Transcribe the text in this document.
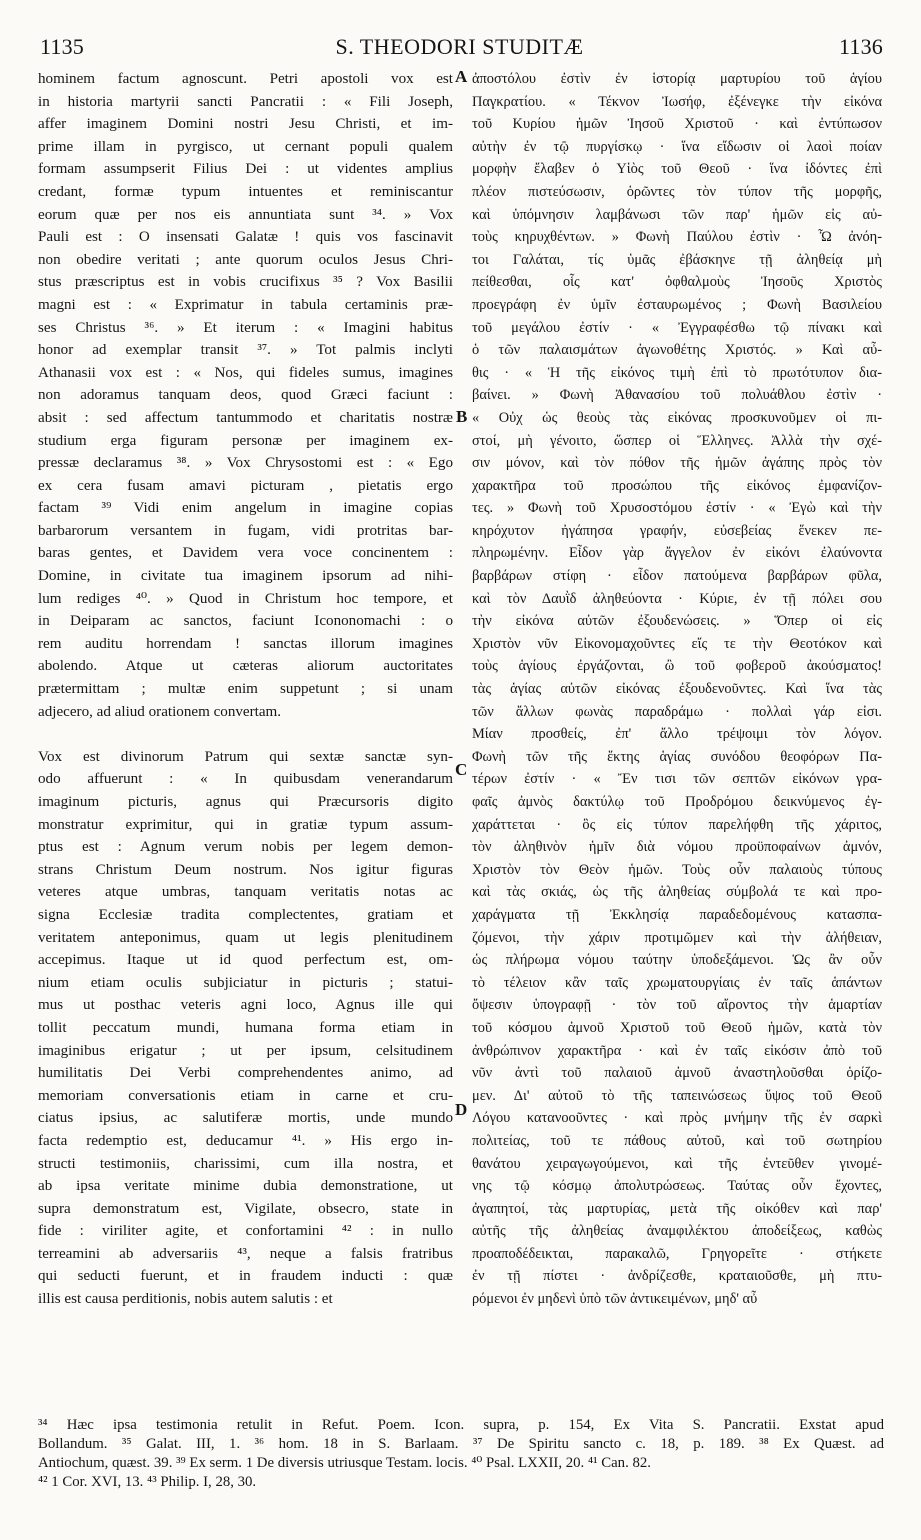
1135	S. THEODORI STUDITÆ	1136
hominem factum agnoscunt. Petri apostoli vox est
in historia martyrii sancti Pancratii : « Fili Joseph,
affer imaginem Domini nostri Jesu Christi, et im-
prime illam in pyrgisco, ut cernant populi qualem
formam assumpserit Filius Dei : ut videntes amplius
credant, formæ typum intuentes et reminiscantur
eorum quæ per nos eis annuntiata sunt ³⁴. » Vox
Pauli est : O insensati Galatæ ! quis vos fascinavit
non obedire veritati ; ante quorum oculos Jesus Chri-
stus præscriptus est in vobis crucifixus ³⁵ ? Vox Basilii
magni est : « Exprimatur in tabula certaminis præ-
ses Christus ³⁶. » Et iterum : « Imagini habitus
honor ad exemplar transit ³⁷. » Tot palmis inclyti
Athanasii vox est : « Nos, qui fideles sumus, imagines
non adoramus tanquam deos, quod Græci faciunt :
absit : sed affectum tantummodo et charitatis nostræ
studium erga figuram personæ per imaginem ex-
pressæ declaramus ³⁸. » Vox Chrysostomi est : « Ego
ex cera fusam amavi picturam , pietatis ergo
factam ³⁹ Vidi enim angelum in imagine copias
barbarorum versantem in fugam, vidi protritas bar-
baras gentes, et Davidem vera voce concinentem :
Domine, in civitate tua imaginem ipsorum ad nihi-
lum rediges ⁴⁰. » Quod in Christum hoc tempore, et
in Deiparam ac sanctos, faciunt Icononomachi : o
rem auditu horrendam ! sanctas illorum imagines
abolendo. Atque ut cæteras aliorum auctoritates
prætermittam ; multæ enim suppetunt ; si unam
adjecero, ad aliud orationem convertam.
Vox est divinorum Patrum qui sextæ sanctæ syn-
odo affuerunt : « In quibusdam venerandarum
imaginum picturis, agnus qui Præcursoris digito
monstratur exprimitur, qui in gratiæ typum assum-
ptus est : Agnum verum nobis per legem demon-
strans Christum Deum nostrum. Nos igitur figuras
veteres atque umbras, tanquam veritatis notas ac
signa Ecclesiæ tradita complectentes, gratiam et
veritatem anteponimus, quam ut legis plenitudinem
accepimus. Itaque ut id quod perfectum est, om-
nium etiam oculis subjiciatur in picturis ; statui-
mus ut posthac veteris agni loco, Agnus ille qui
tollit peccatum mundi, humana forma etiam in
imaginibus erigatur ; ut per ipsum, celsitudinem
humilitatis Dei Verbi comprehendentes animo, ad
memoriam conversationis etiam in carne et cru-
ciatus ipsius, ac salutiferæ mortis, unde mundo
facta redemptio est, deducamur ⁴¹. » His ergo in-
structi testimoniis, charissimi, cum illa nostra, et
ab ipsa veritate minime dubia demonstratione, ut
supra demonstratum est, Vigilate, obsecro, state in
fide : viriliter agite, et confortamini ⁴² : in nullo
terreamini ab adversariis ⁴³, neque a falsis fratribus
qui seducti fuerunt, et in fraudem inducti : quæ
illis est causa perditionis, nobis autem salutis : et
ἀποστόλου ἐστὶν ἐν ἱστορίᾳ μαρτυρίου τοῦ ἁγίου
Παγκρατίου. « Τέκνον Ἰωσήφ, ἐξένεγκε τὴν εἰκόνα
τοῦ Κυρίου ἡμῶν Ἰησοῦ Χριστοῦ · καὶ ἐντύπωσον
αὐτὴν ἐν τῷ πυργίσκῳ · ἵνα εἴδωσιν οἱ λαοὶ ποίαν
μορφὴν ἔλαβεν ὁ Υἱὸς τοῦ Θεοῦ · ἵνα ἰδόντες ἐπὶ
πλέον πιστεύσωσιν, ὁρῶντες τὸν τύπον τῆς μορφῆς,
καὶ ὑπόμνησιν λαμβάνωσι τῶν παρ' ἡμῶν εἰς αὐ-
τοὺς κηρυχθέντων. » Φωνὴ Παύλου ἐστὶν · Ὦ ἀνόη-
τοι Γαλάται, τίς ὑμᾶς ἐβάσκηνε τῇ ἀληθείᾳ μὴ
πείθεσθαι, οἷς κατ' ὀφθαλμοὺς Ἰησοῦς Χριστὸς
προεγράφη ἐν ὑμῖν ἐσταυρωμένος ; Φωνὴ Βασιλείου
τοῦ μεγάλου ἐστίν · « Ἐγγραφέσθω τῷ πίνακι καὶ
ὁ τῶν παλαισμάτων ἀγωνοθέτης Χριστός. » Καὶ αὖ-
θις · « Ἡ τῆς εἰκόνος τιμὴ ἐπὶ τὸ πρωτότυπον δια-
βαίνει. » Φωνὴ Ἀθανασίου τοῦ πολυάθλου ἐστὶν ·
« Οὐχ ὡς θεοὺς τὰς εἰκόνας προσκυνοῦμεν οἱ πι-
στοί, μὴ γένοιτο, ὥσπερ οἱ Ἕλληνες. Ἀλλὰ τὴν σχέ-
σιν μόνον, καὶ τὸν πόθον τῆς ἡμῶν ἀγάπης πρὸς τὸν
χαρακτῆρα τοῦ προσώπου τῆς εἰκόνος ἐμφανίζον-
τες. » Φωνὴ τοῦ Χρυσοστόμου ἐστίν · « Ἐγὼ καὶ τὴν
κηρόχυτον ἠγάπησα γραφήν, εὐσεβείας ἕνεκεν πε-
πληρωμένην. Εἶδον γὰρ ἄγγελον ἐν εἰκόνι ἐλαύνοντα
βαρβάρων στίφη · εἶδον πατούμενα βαρβάρων φῦλα,
καὶ τὸν Δαυῒδ ἀληθεύοντα · Κύριε, ἐν τῇ πόλει σου
τὴν εἰκόνα αὐτῶν ἐξουδενώσεις. » Ὅπερ οἱ εἰς
Χριστὸν νῦν Εἰκονομαχοῦντες εἴς τε τὴν Θεοτόκον καὶ
τοὺς ἁγίους ἐργάζονται, ὢ τοῦ φοβεροῦ ἀκούσματος!
τὰς ἁγίας αὐτῶν εἰκόνας ἐξουδενοῦντες. Καὶ ἵνα τὰς
τῶν ἄλλων φωνὰς παραδράμω · πολλαὶ γάρ εἰσι.
Μίαν προσθείς, ἐπ' ἄλλο τρέψοιμι τὸν λόγον.
Φωνὴ τῶν τῆς ἕκτης ἁγίας συνόδου θεοφόρων Πα-
τέρων ἐστίν · « Ἔν τισι τῶν σεπτῶν εἰκόνων γρα-
φαῖς ἀμνὸς δακτύλῳ τοῦ Προδρόμου δεικνύμενος ἐγ-
χαράττεται · ὃς εἰς τύπον παρελήφθη τῆς χάριτος,
τὸν ἀληθινὸν ἡμῖν διὰ νόμου προϋποφαίνων ἀμνόν,
Χριστὸν τὸν Θεὸν ἡμῶν. Τοὺς οὖν παλαιοὺς τύπους
καὶ τὰς σκιάς, ὡς τῆς ἀληθείας σύμβολά τε καὶ προ-
χαράγματα τῇ Ἐκκλησίᾳ παραδεδομένους κατασπα-
ζόμενοι, τὴν χάριν προτιμῶμεν καὶ τὴν ἀλήθειαν,
ὡς πλήρωμα νόμου ταύτην ὑποδεξάμενοι. Ὡς ἂν οὖν
τὸ τέλειον κἂν ταῖς χρωματουργίαις ἐν ταῖς ἁπάντων
ὄψεσιν ὑπογραφῇ · τὸν τοῦ αἴροντος τὴν ἁμαρτίαν
τοῦ κόσμου ἀμνοῦ Χριστοῦ τοῦ Θεοῦ ἡμῶν, κατὰ τὸν
ἀνθρώπινον χαρακτῆρα · καὶ ἐν ταῖς εἰκόσιν ἀπὸ τοῦ
νῦν ἀντὶ τοῦ παλαιοῦ ἀμνοῦ ἀναστηλοῦσθαι ὁρίζο-
μεν. Δι' αὐτοῦ τὸ τῆς ταπεινώσεως ὕψος τοῦ Θεοῦ
Λόγου κατανοοῦντες · καὶ πρὸς μνήμην τῆς ἐν σαρκὶ
πολιτείας, τοῦ τε πάθους αὐτοῦ, καὶ τοῦ σωτηρίου
θανάτου χειραγωγούμενοι, καὶ τῆς ἐντεῦθεν γινομέ-
νης τῷ κόσμῳ ἀπολυτρώσεως. Ταύτας οὖν ἔχοντες,
ἀγαπητοί, τὰς μαρτυρίας, μετὰ τῆς οἰκόθεν καὶ παρ'
αὐτῆς τῆς ἀληθείας ἀναμφιλέκτου ἀποδείξεως, καθὼς
προαποδέδεικται, παρακαλῶ, Γρηγορεῖτε · στήκετε
ἐν τῇ πίστει · ἀνδρίζεσθε, κραταιοῦσθε, μὴ πτυ-
ρόμενοι ἐν μηδενὶ ὑπὸ τῶν ἀντικειμένων, μηδ' αὖ
A
B
C
D
³⁴ Hæc ipsa testimonia retulit in Refut. Poem. Icon. supra, p. 154, Ex Vita S. Pancratii. Exstat apud
Bollandum. ³⁵ Galat. III, 1. ³⁶ hom. 18 in S. Barlaam. ³⁷ De Spiritu sancto c. 18, p. 189. ³⁸ Ex Quæst. ad
Antiochum, quæst. 39. ³⁹ Ex serm. 1 De diversis utriusque Testam. locis. ⁴⁰ Psal. LXXII, 20. ⁴¹ Can. 82.
⁴² 1 Cor. XVI, 13. ⁴³ Philip. I, 28, 30.
